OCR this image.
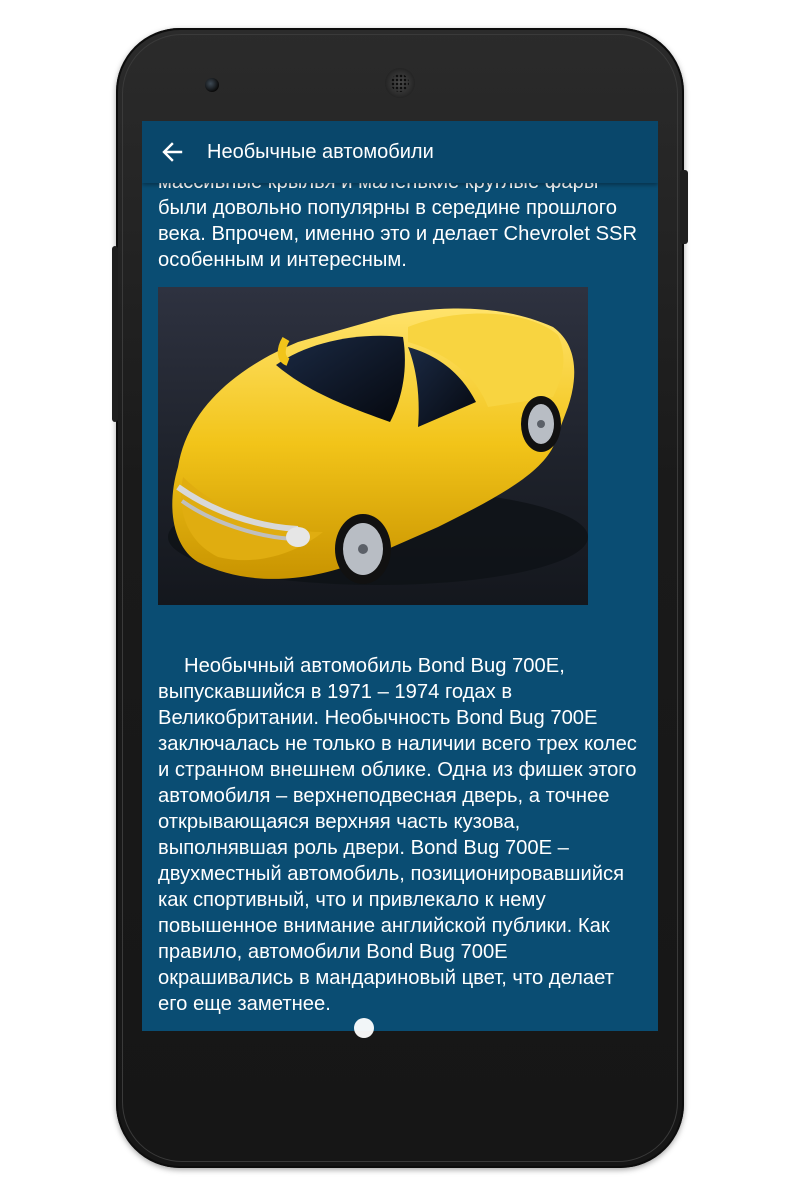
Необычные автомобили

были довольно популярны в середине прошлого века. Впрочем, именно это и делает Chevrolet SSR особенным и интересным.

Необычный автомобиль Bond Bug 700E, выпускавшийся в 1971 – 1974 годах в Великобритании. Необычность Bond Bug 700E заключалась не только в наличии всего трех колес и странном внешнем облике. Одна из фишек этого автомобиля – верхнеподвесная дверь, а точнее открывающаяся верхняя часть кузова, выполнявшая роль двери. Bond Bug 700E – двухместный автомобиль, позиционировавшийся как спортивный, что и привлекало к нему повышенное внимание английской публики. Как правило, автомобили Bond Bug 700E окрашивались в мандариновый цвет, что делает его еще заметнее.
